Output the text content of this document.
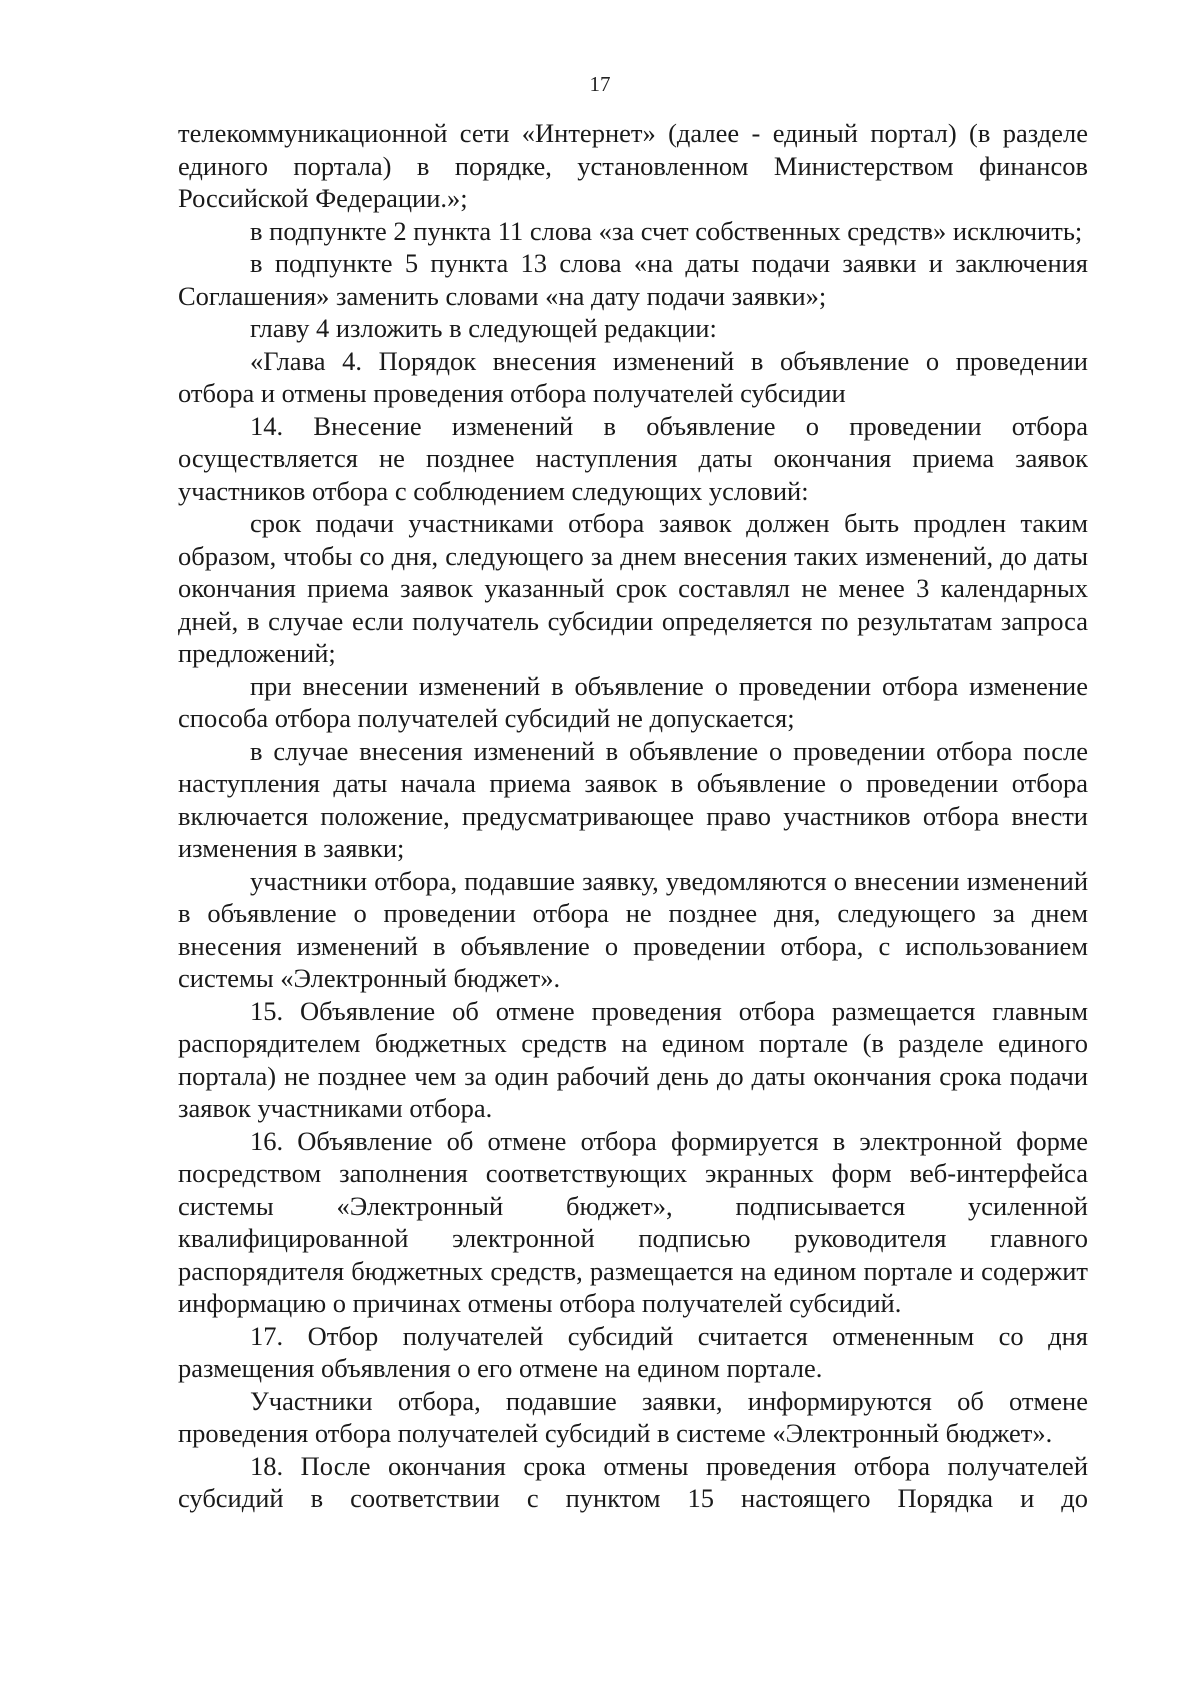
17

телекоммуникационной сети «Интернет» (далее - единый портал) (в разделе единого портала) в порядке, установленном Министерством финансов Российской Федерации.»;

в подпункте 2 пункта 11 слова «за счет собственных средств» исключить;

в подпункте 5 пункта 13 слова «на даты подачи заявки и заключения Соглашения» заменить словами «на дату подачи заявки»;

главу 4 изложить в следующей редакции:

«Глава 4. Порядок внесения изменений в объявление о проведении отбора и отмены проведения отбора получателей субсидии

14. Внесение изменений в объявление о проведении отбора осуществляется не позднее наступления даты окончания приема заявок участников отбора с соблюдением следующих условий:

срок подачи участниками отбора заявок должен быть продлен таким образом, чтобы со дня, следующего за днем внесения таких изменений, до даты окончания приема заявок указанный срок составлял не менее 3 календарных дней, в случае если получатель субсидии определяется по результатам запроса предложений;

при внесении изменений в объявление о проведении отбора изменение способа отбора получателей субсидий не допускается;

в случае внесения изменений в объявление о проведении отбора после наступления даты начала приема заявок в объявление о проведении отбора включается положение, предусматривающее право участников отбора внести изменения в заявки;

участники отбора, подавшие заявку, уведомляются о внесении изменений в объявление о проведении отбора не позднее дня, следующего за днем внесения изменений в объявление о проведении отбора, с использованием системы «Электронный бюджет».

15. Объявление об отмене проведения отбора размещается главным распорядителем бюджетных средств на едином портале (в разделе единого портала) не позднее чем за один рабочий день до даты окончания срока подачи заявок участниками отбора.

16. Объявление об отмене отбора формируется в электронной форме посредством заполнения соответствующих экранных форм веб-интерфейса системы «Электронный бюджет», подписывается усиленной квалифицированной электронной подписью руководителя главного распорядителя бюджетных средств, размещается на едином портале и содержит информацию о причинах отмены отбора получателей субсидий.

17. Отбор получателей субсидий считается отмененным со дня размещения объявления о его отмене на едином портале.

Участники отбора, подавшие заявки, информируются об отмене проведения отбора получателей субсидий в системе «Электронный бюджет».

18. После окончания срока отмены проведения отбора получателей субсидий в соответствии с пунктом 15 настоящего Порядка и до
